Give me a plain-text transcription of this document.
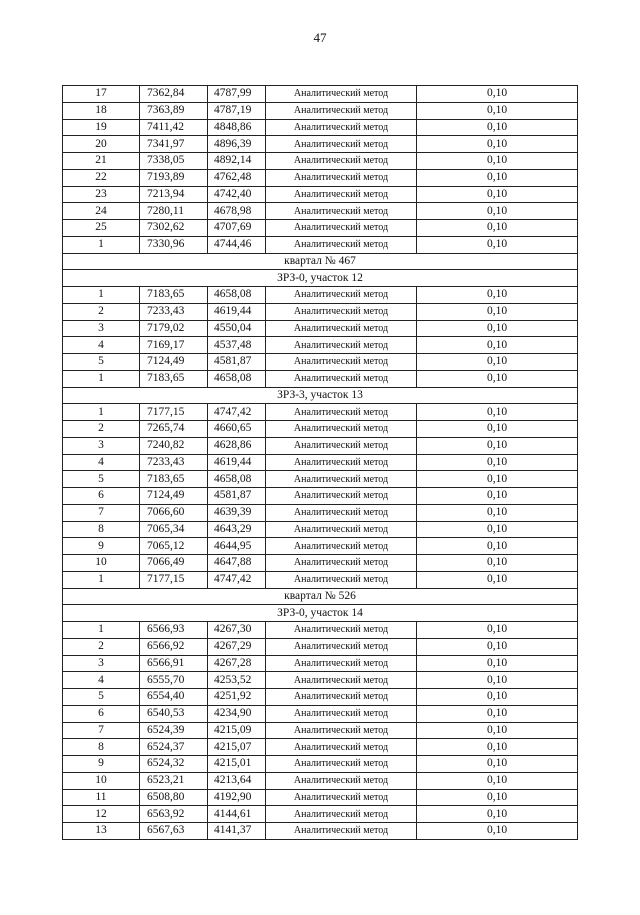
47
17	7362,84	4787,99	Аналитический метод	0,10
18	7363,89	4787,19	Аналитический метод	0,10
19	7411,42	4848,86	Аналитический метод	0,10
20	7341,97	4896,39	Аналитический метод	0,10
21	7338,05	4892,14	Аналитический метод	0,10
22	7193,89	4762,48	Аналитический метод	0,10
23	7213,94	4742,40	Аналитический метод	0,10
24	7280,11	4678,98	Аналитический метод	0,10
25	7302,62	4707,69	Аналитический метод	0,10
1	7330,96	4744,46	Аналитический метод	0,10
квартал № 467				
ЗРЗ-0, участок 12				
1	7183,65	4658,08	Аналитический метод	0,10
2	7233,43	4619,44	Аналитический метод	0,10
3	7179,02	4550,04	Аналитический метод	0,10
4	7169,17	4537,48	Аналитический метод	0,10
5	7124,49	4581,87	Аналитический метод	0,10
1	7183,65	4658,08	Аналитический метод	0,10
ЗРЗ-3, участок 13				
1	7177,15	4747,42	Аналитический метод	0,10
2	7265,74	4660,65	Аналитический метод	0,10
3	7240,82	4628,86	Аналитический метод	0,10
4	7233,43	4619,44	Аналитический метод	0,10
5	7183,65	4658,08	Аналитический метод	0,10
6	7124,49	4581,87	Аналитический метод	0,10
7	7066,60	4639,39	Аналитический метод	0,10
8	7065,34	4643,29	Аналитический метод	0,10
9	7065,12	4644,95	Аналитический метод	0,10
10	7066,49	4647,88	Аналитический метод	0,10
1	7177,15	4747,42	Аналитический метод	0,10
квартал № 526				
ЗРЗ-0, участок 14				
1	6566,93	4267,30	Аналитический метод	0,10
2	6566,92	4267,29	Аналитический метод	0,10
3	6566,91	4267,28	Аналитический метод	0,10
4	6555,70	4253,52	Аналитический метод	0,10
5	6554,40	4251,92	Аналитический метод	0,10
6	6540,53	4234,90	Аналитический метод	0,10
7	6524,39	4215,09	Аналитический метод	0,10
8	6524,37	4215,07	Аналитический метод	0,10
9	6524,32	4215,01	Аналитический метод	0,10
10	6523,21	4213,64	Аналитический метод	0,10
11	6508,80	4192,90	Аналитический метод	0,10
12	6563,92	4144,61	Аналитический метод	0,10
13	6567,63	4141,37	Аналитический метод	0,10
